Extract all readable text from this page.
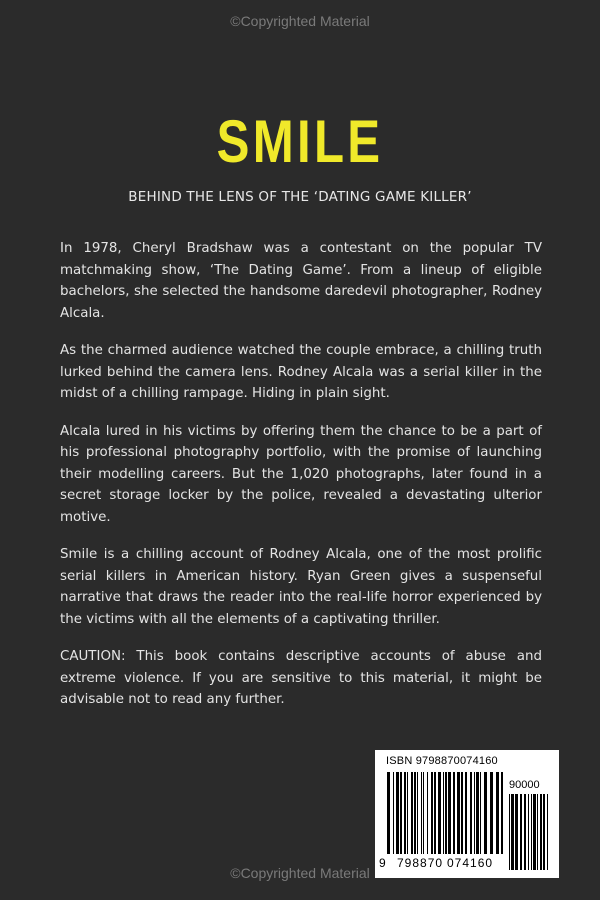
©Copyrighted Material
SMILE
BEHIND THE LENS OF THE ‘DATING GAME KILLER’

In 1978, Cheryl Bradshaw was a contestant on the popular TV matchmaking show, ‘The Dating Game’. From a lineup of eligible bachelors, she selected the handsome daredevil photographer, Rodney Alcala.

As the charmed audience watched the couple embrace, a chilling truth lurked behind the camera lens. Rodney Alcala was a serial killer in the midst of a chilling rampage. Hiding in plain sight.

Alcala lured in his victims by offering them the chance to be a part of his professional photography portfolio, with the promise of launching their modelling careers. But the 1,020 photographs, later found in a secret storage locker by the police, revealed a devastating ulterior motive.

Smile is a chilling account of Rodney Alcala, one of the most prolific serial killers in American history. Ryan Green gives a suspenseful narrative that draws the reader into the real-life horror experienced by the victims with all the elements of a captivating thriller.

CAUTION: This book contains descriptive accounts of abuse and extreme violence. If you are sensitive to this material, it might be advisable not to read any further.

ISBN 9798870074160
90000
9 798870 074160
©Copyrighted Material
